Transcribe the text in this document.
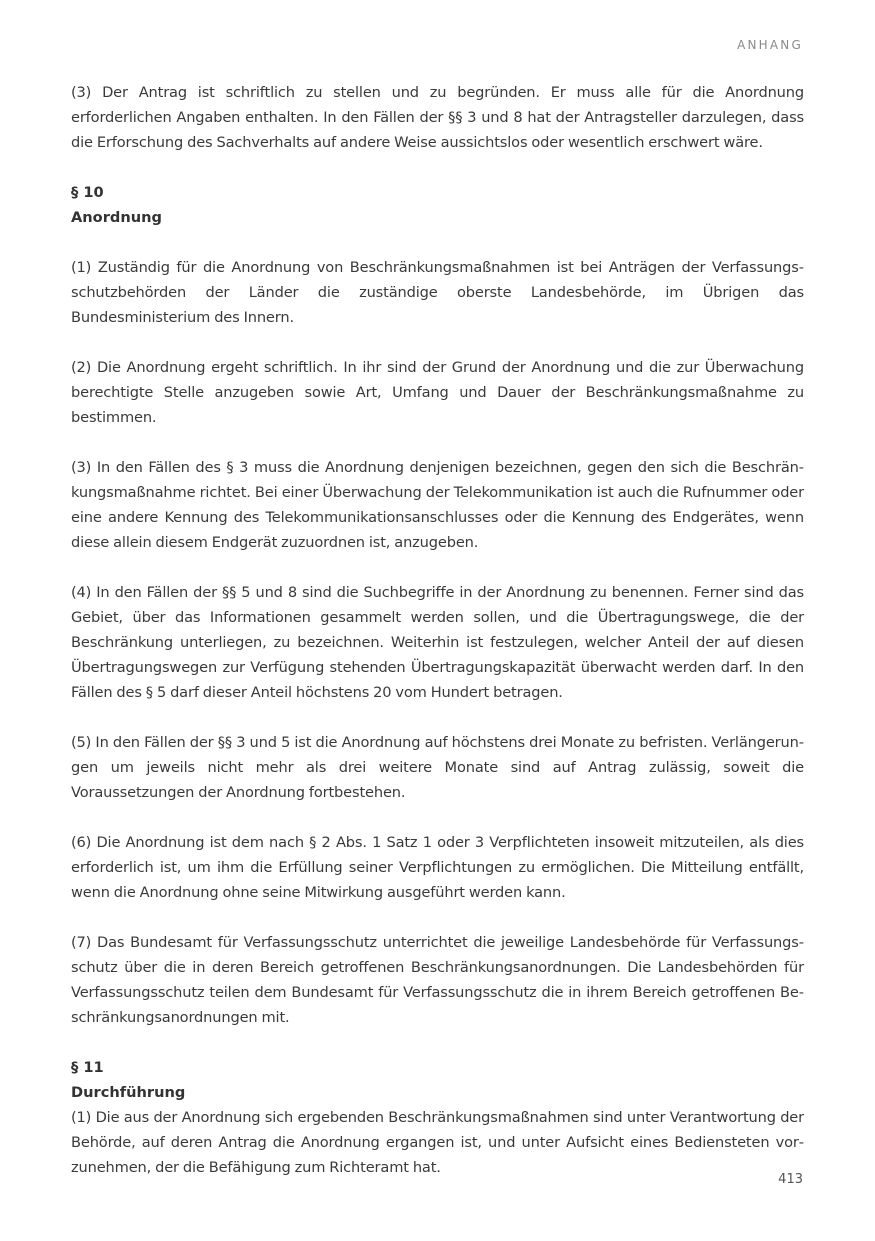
ANHANG

(3) Der Antrag ist schriftlich zu stellen und zu begründen. Er muss alle für die Anordnung erforderlichen Angaben enthalten. In den Fällen der §§ 3 und 8 hat der Antragsteller darzulegen, dass die Erforschung des Sachverhalts auf andere Weise aussichtslos oder wesentlich erschwert wäre.

§ 10
Anordnung

(1) Zuständig für die Anordnung von Beschränkungsmaßnahmen ist bei Anträgen der Verfassungsschutzbehörden der Länder die zuständige oberste Landesbehörde, im Übrigen das Bundesministerium des Innern.

(2) Die Anordnung ergeht schriftlich. In ihr sind der Grund der Anordnung und die zur Überwachung berechtigte Stelle anzugeben sowie Art, Umfang und Dauer der Beschränkungsmaßnahme zu bestimmen.

(3) In den Fällen des § 3 muss die Anordnung denjenigen bezeichnen, gegen den sich die Beschränkungsmaßnahme richtet. Bei einer Überwachung der Telekommunikation ist auch die Rufnummer oder eine andere Kennung des Telekommunikationsanschlusses oder die Kennung des Endgerätes, wenn diese allein diesem Endgerät zuzuordnen ist, anzugeben.

(4) In den Fällen der §§ 5 und 8 sind die Suchbegriffe in der Anordnung zu benennen. Ferner sind das Gebiet, über das Informationen gesammelt werden sollen, und die Übertragungswege, die der Beschränkung unterliegen, zu bezeichnen. Weiterhin ist festzulegen, welcher Anteil der auf diesen Übertragungswegen zur Verfügung stehenden Übertragungskapazität überwacht werden darf. In den Fällen des § 5 darf dieser Anteil höchstens 20 vom Hundert betragen.

(5) In den Fällen der §§ 3 und 5 ist die Anordnung auf höchstens drei Monate zu befristen. Verlängerungen um jeweils nicht mehr als drei weitere Monate sind auf Antrag zulässig, soweit die Voraussetzungen der Anordnung fortbestehen.

(6) Die Anordnung ist dem nach § 2 Abs. 1 Satz 1 oder 3 Verpflichteten insoweit mitzuteilen, als dies erforderlich ist, um ihm die Erfüllung seiner Verpflichtungen zu ermöglichen. Die Mitteilung entfällt, wenn die Anordnung ohne seine Mitwirkung ausgeführt werden kann.

(7) Das Bundesamt für Verfassungsschutz unterrichtet die jeweilige Landesbehörde für Verfassungsschutz über die in deren Bereich getroffenen Beschränkungsanordnungen. Die Landesbehörden für Verfassungsschutz teilen dem Bundesamt für Verfassungsschutz die in ihrem Bereich getroffenen Beschränkungsanordnungen mit.

§ 11
Durchführung

(1) Die aus der Anordnung sich ergebenden Beschränkungsmaßnahmen sind unter Verantwortung der Behörde, auf deren Antrag die Anordnung ergangen ist, und unter Aufsicht eines Bediensteten vorzunehmen, der die Befähigung zum Richteramt hat.

413
